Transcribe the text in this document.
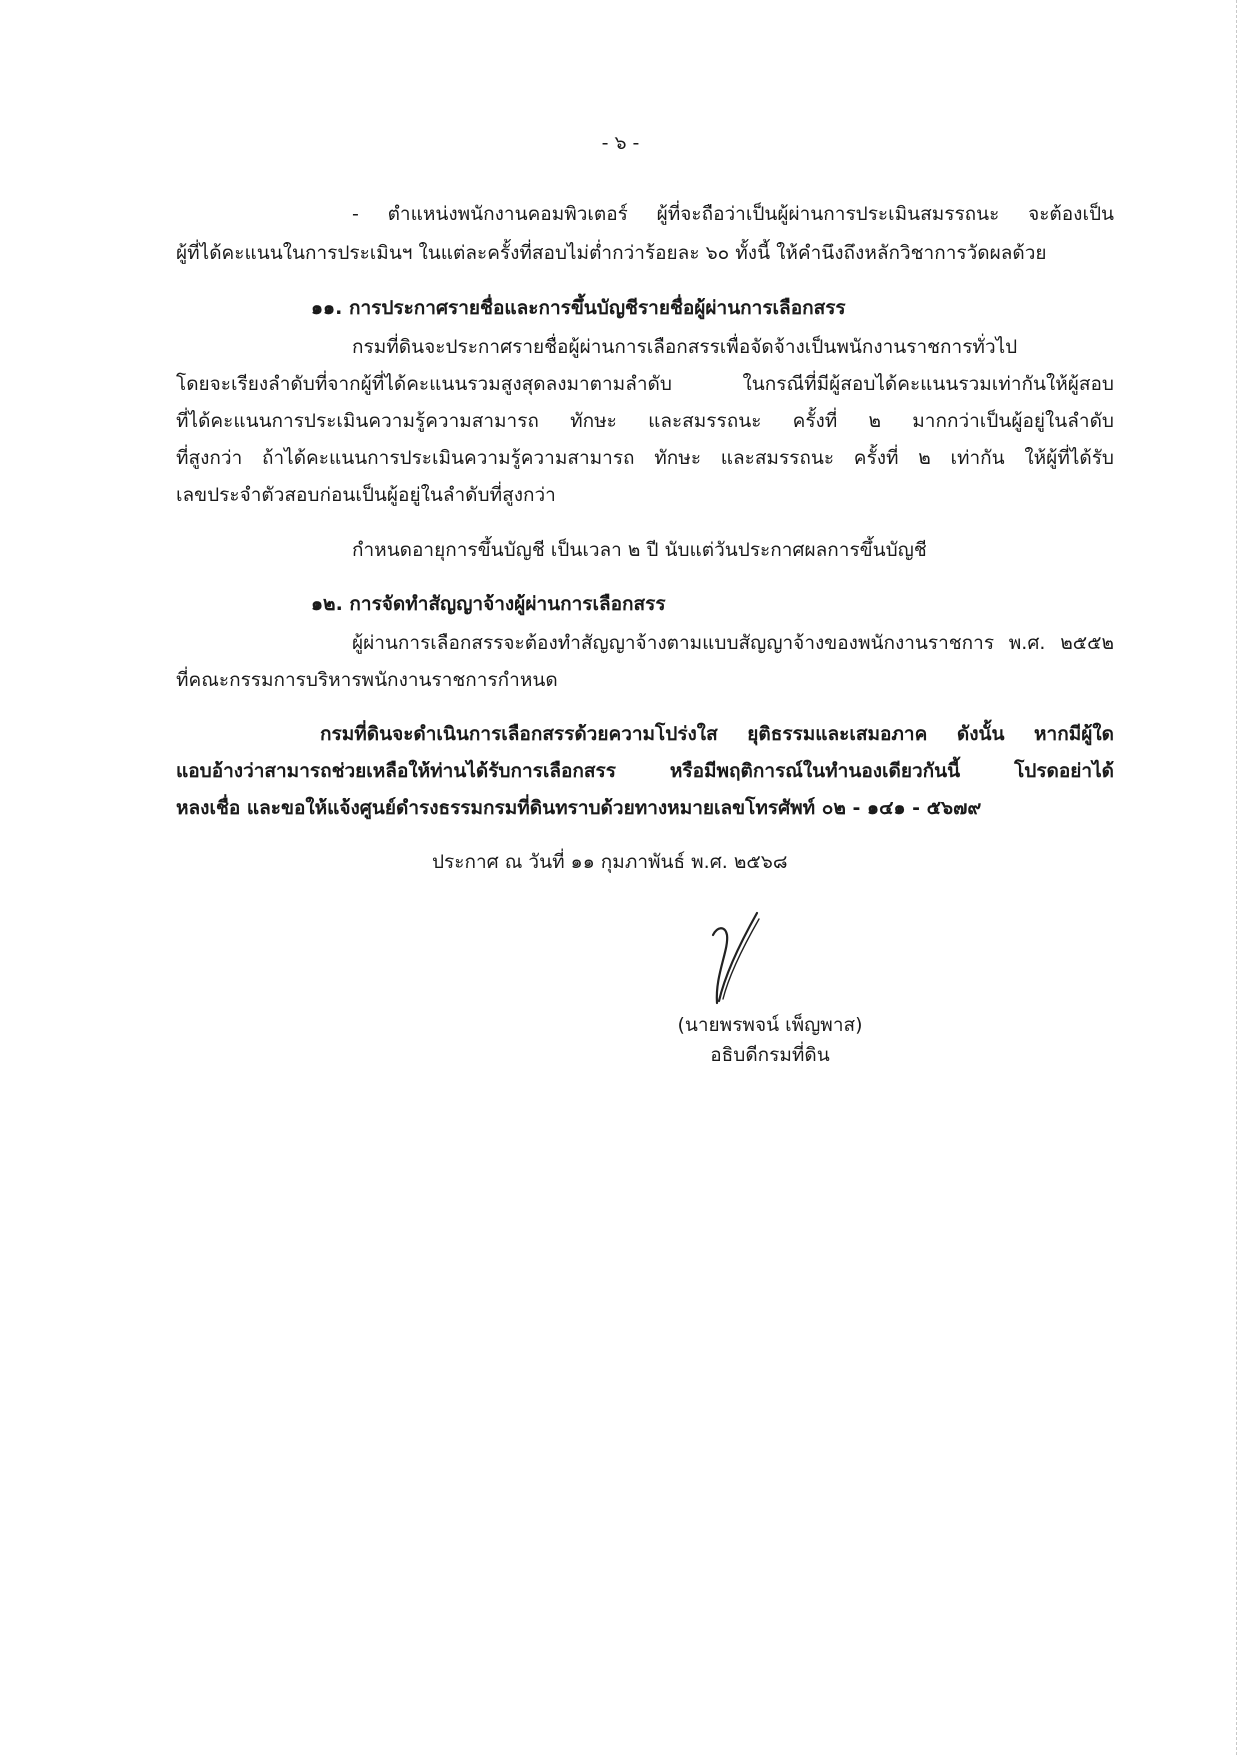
- ๖ -
- ตำแหน่งพนักงานคอมพิวเตอร์ ผู้ที่จะถือว่าเป็นผู้ผ่านการประเมินสมรรถนะ จะต้องเป็น
ผู้ที่ได้คะแนนในการประเมินฯ ในแต่ละครั้งที่สอบไม่ต่ำกว่าร้อยละ ๖๐ ทั้งนี้ ให้คำนึงถึงหลักวิชาการวัดผลด้วย
๑๑. การประกาศรายชื่อและการขึ้นบัญชีรายชื่อผู้ผ่านการเลือกสรร
กรมที่ดินจะประกาศรายชื่อผู้ผ่านการเลือกสรรเพื่อจัดจ้างเป็นพนักงานราชการทั่วไป
โดยจะเรียงลำดับที่จากผู้ที่ได้คะแนนรวมสูงสุดลงมาตามลำดับ ในกรณีที่มีผู้สอบได้คะแนนรวมเท่ากันให้ผู้สอบ
ที่ได้คะแนนการประเมินความรู้ความสามารถ ทักษะ และสมรรถนะ ครั้งที่ ๒ มากกว่าเป็นผู้อยู่ในลำดับ
ที่สูงกว่า ถ้าได้คะแนนการประเมินความรู้ความสามารถ ทักษะ และสมรรถนะ ครั้งที่ ๒ เท่ากัน ให้ผู้ที่ได้รับ
เลขประจำตัวสอบก่อนเป็นผู้อยู่ในลำดับที่สูงกว่า
กำหนดอายุการขึ้นบัญชี เป็นเวลา ๒ ปี นับแต่วันประกาศผลการขึ้นบัญชี
๑๒. การจัดทำสัญญาจ้างผู้ผ่านการเลือกสรร
ผู้ผ่านการเลือกสรรจะต้องทำสัญญาจ้างตามแบบสัญญาจ้างของพนักงานราชการ พ.ศ. ๒๕๕๒
ที่คณะกรรมการบริหารพนักงานราชการกำหนด
กรมที่ดินจะดำเนินการเลือกสรรด้วยความโปร่งใส ยุติธรรมและเสมอภาค ดังนั้น หากมีผู้ใด
แอบอ้างว่าสามารถช่วยเหลือให้ท่านได้รับการเลือกสรร หรือมีพฤติการณ์ในทำนองเดียวกันนี้ โปรดอย่าได้
หลงเชื่อ และขอให้แจ้งศูนย์ดำรงธรรมกรมที่ดินทราบด้วยทางหมายเลขโทรศัพท์ ๐๒ - ๑๔๑ - ๕๖๗๙
ประกาศ ณ วันที่ ๑๑ กุมภาพันธ์ พ.ศ. ๒๕๖๘
(นายพรพจน์ เพ็ญพาส)
อธิบดีกรมที่ดิน
